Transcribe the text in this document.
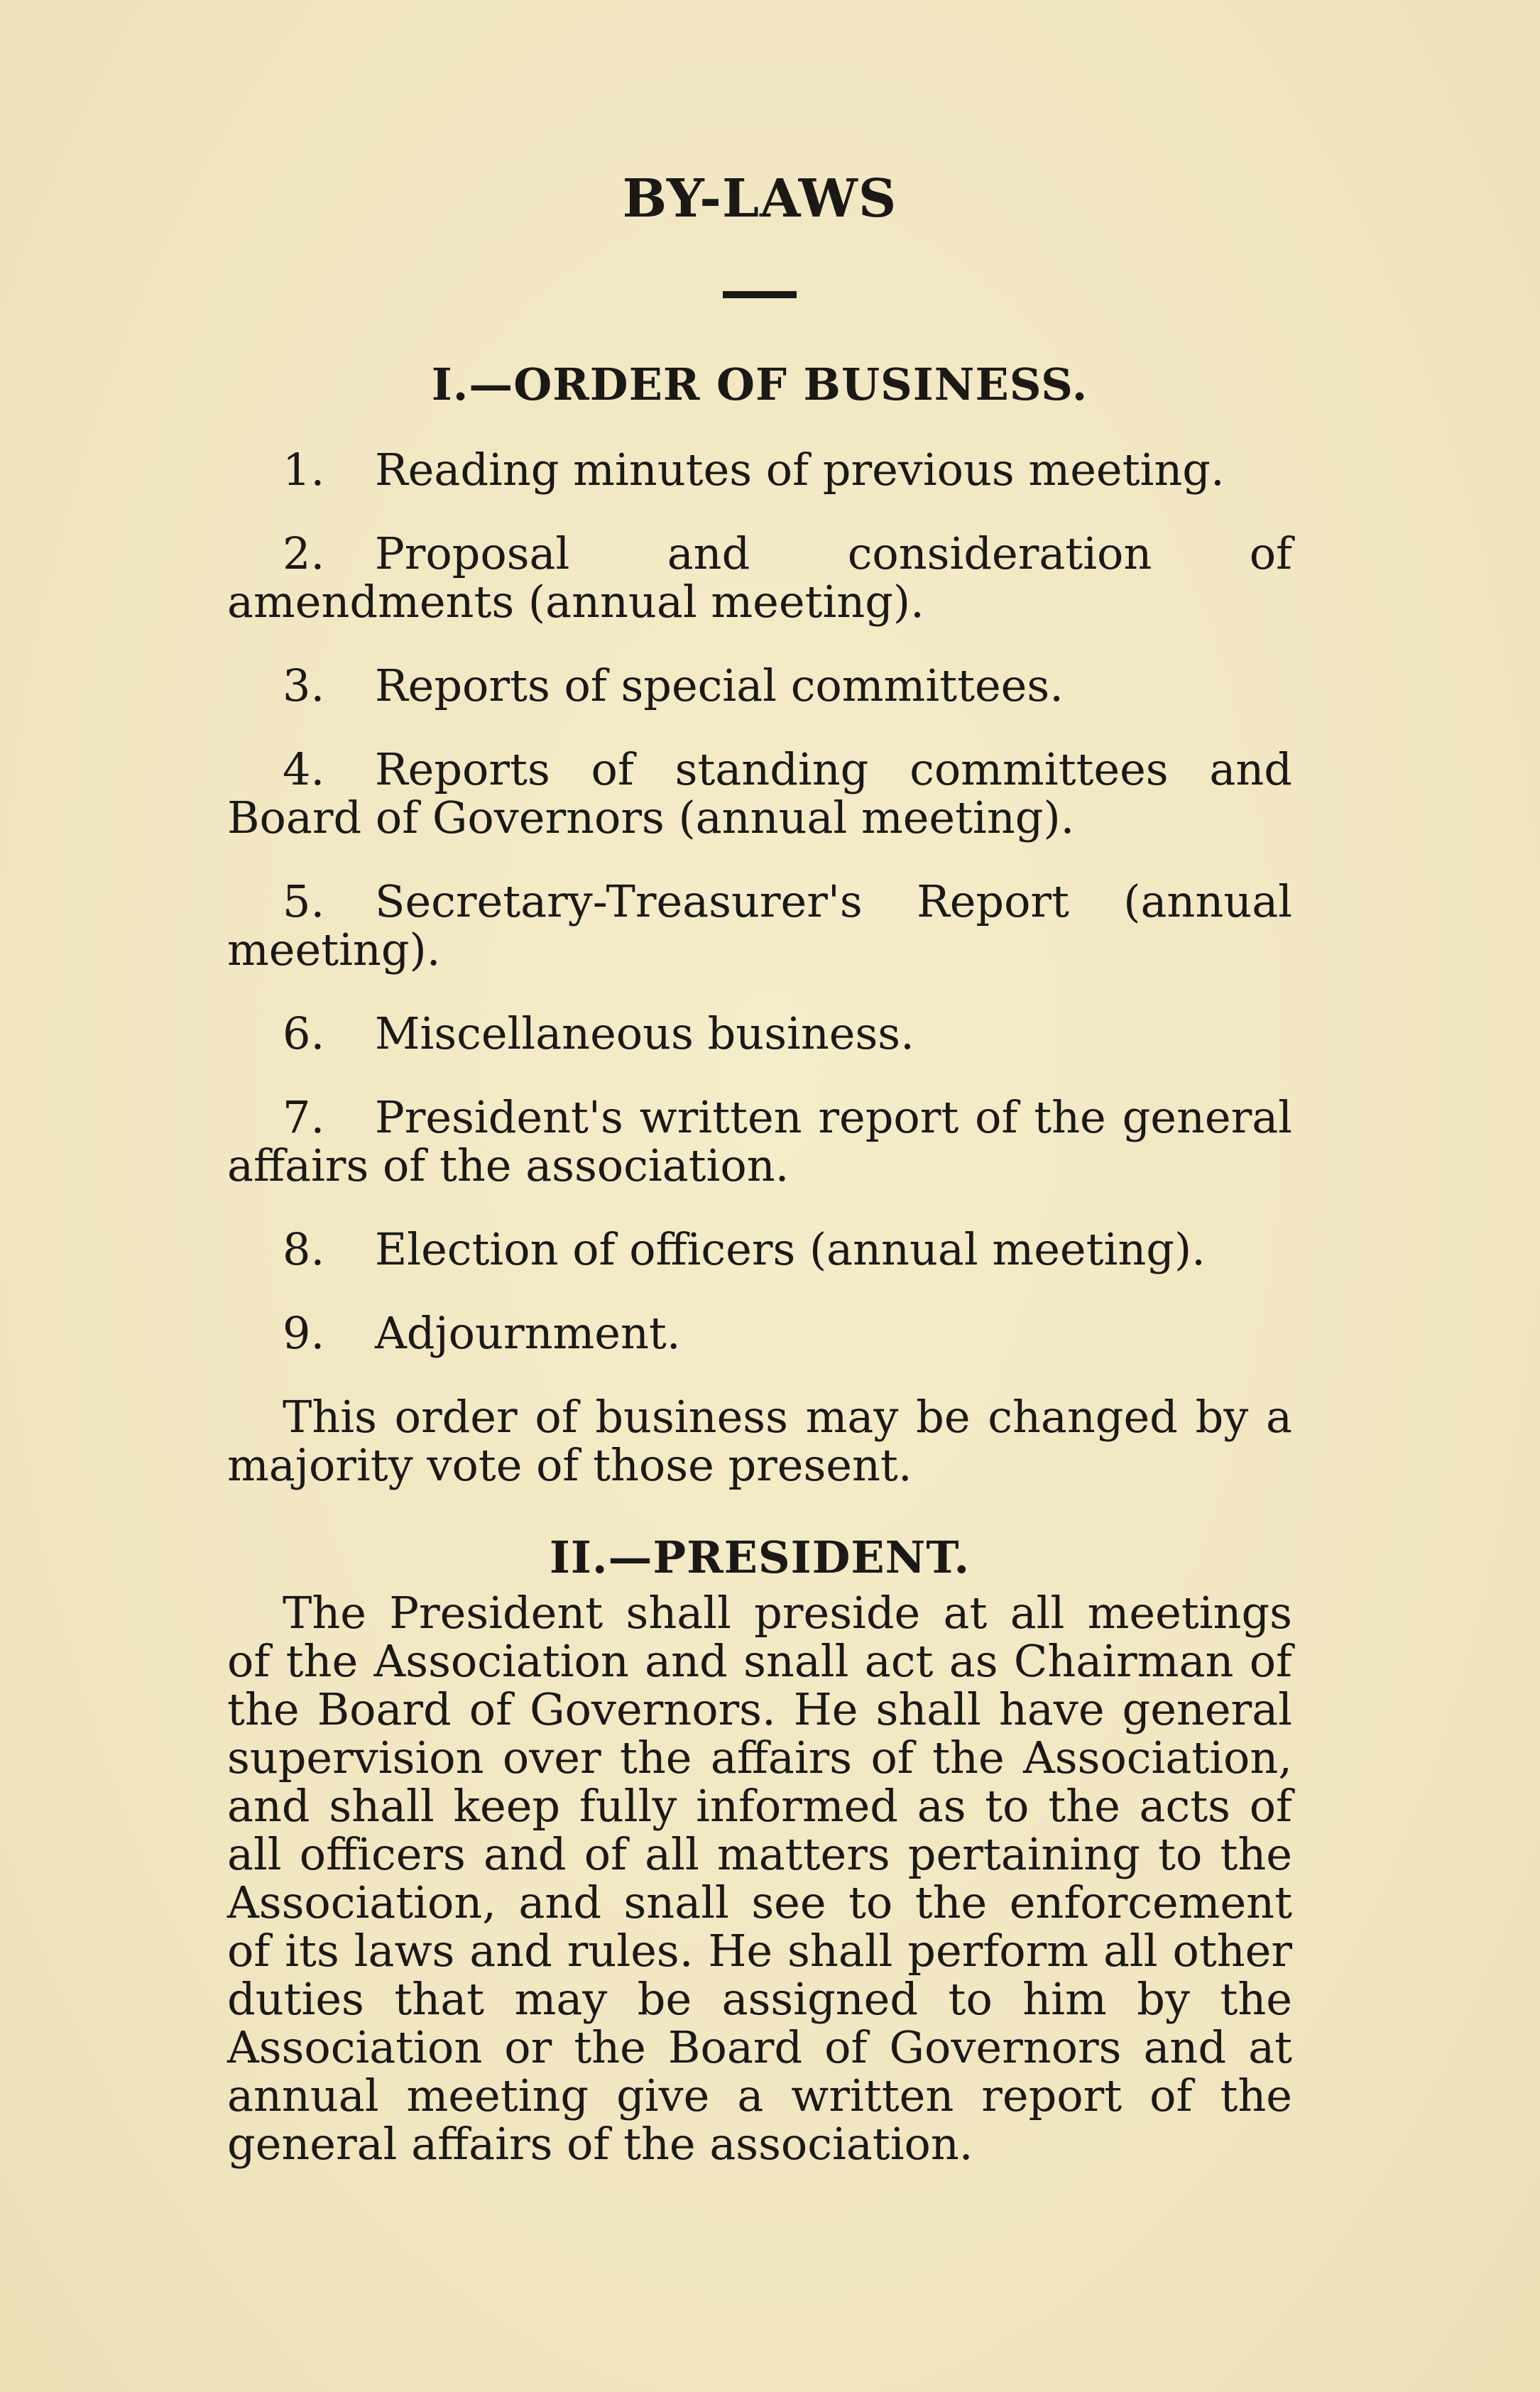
BY-LAWS
I.—ORDER OF BUSINESS.
1. Reading minutes of previous meeting.
2. Proposal and consideration of amendments (annual meeting).
3. Reports of special committees.
4. Reports of standing committees and Board of Governors (annual meeting).
5. Secretary-Treasurer's Report (annual meeting).
6. Miscellaneous business.
7. President's written report of the general affairs of the association.
8. Election of officers (annual meeting).
9. Adjournment.

This order of business may be changed by a majority vote of those present.

II.—PRESIDENT.

The President shall preside at all meetings of the Association and snall act as Chairman of the Board of Governors. He shall have general supervision over the affairs of the Association, and shall keep fully informed as to the acts of all officers and of all matters pertaining to the Association, and snall see to the enforcement of its laws and rules. He shall perform all other duties that may be assigned to him by the Association or the Board of Governors and at annual meeting give a written report of the general affairs of the association.
